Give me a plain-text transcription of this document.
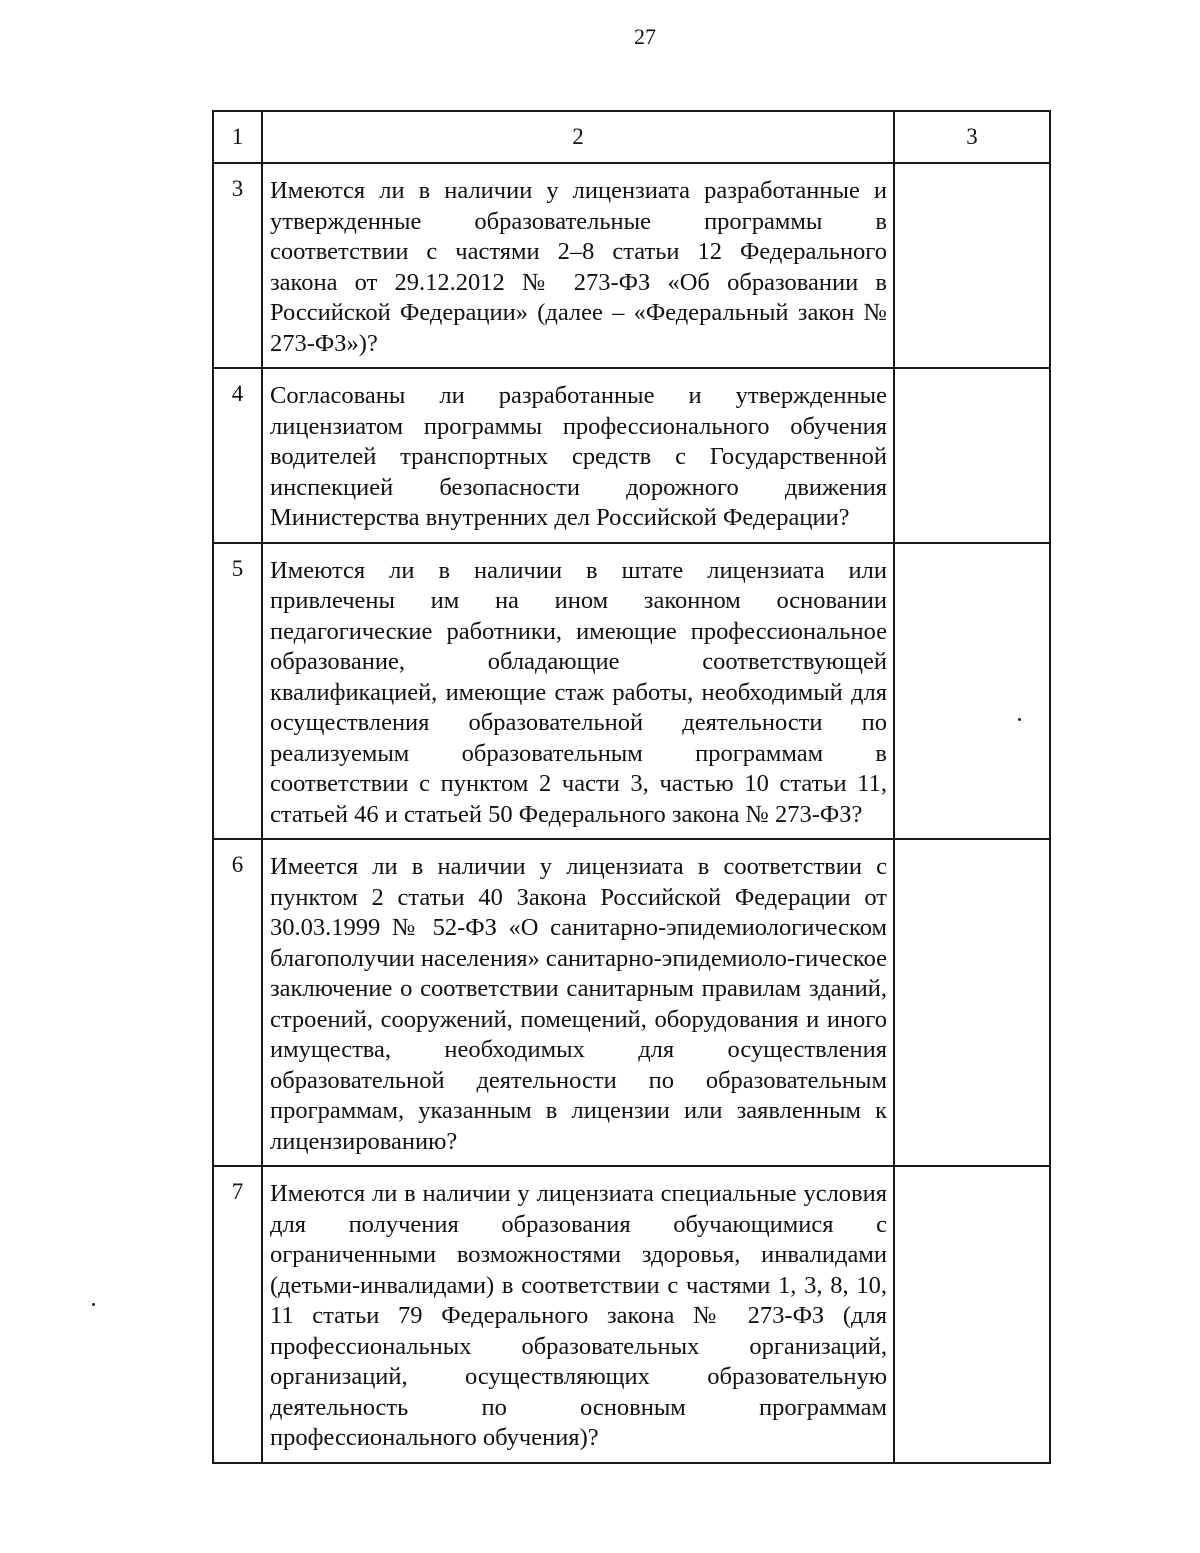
27
1	2	3
3	Имеются ли в наличии у лицензиата разработанные и утвержденные образовательные программы в соответствии с частями 2–8 статьи 12 Федерального закона от 29.12.2012 № 273-ФЗ «Об образовании в Российской Федерации» (далее – «Федеральный закон № 273-ФЗ»)?	
4	Согласованы ли разработанные и утвержденные лицензиатом программы профессионального обучения водителей транспортных средств с Государственной инспекцией безопасности дорожного движения Министерства внутренних дел Российской Федерации?	
5	Имеются ли в наличии в штате лицензиата или привлечены им на ином законном основании педагогические работники, имеющие профессиональное образование, обладающие соответствующей квалификацией, имеющие стаж работы, необходимый для осуществления образовательной деятельности по реализуемым образовательным программам в соответствии с пунктом 2 части 3, частью 10 статьи 11, статьей 46 и статьей 50 Федерального закона № 273-ФЗ?	
6	Имеется ли в наличии у лицензиата в соответствии с пунктом 2 статьи 40 Закона Российской Федерации от 30.03.1999 № 52-ФЗ «О санитарно-эпидемиологическом благополучии населения» санитарно-эпидемиоло-гическое заключение о соответствии санитарным правилам зданий, строений, сооружений, помещений, оборудования и иного имущества, необходимых для осуществления образовательной деятельности по образовательным программам, указанным в лицензии или заявленным к лицензированию?	
7	Имеются ли в наличии у лицензиата специальные условия для получения образования обучающимися с ограниченными возможностями здоровья, инвалидами (детьми-инвалидами) в соответствии с частями 1, 3, 8, 10, 11 статьи 79 Федерального закона № 273-ФЗ (для профессиональных образовательных организаций, организаций, осуществляющих образовательную деятельность по основным программам профессионального обучения)?	
